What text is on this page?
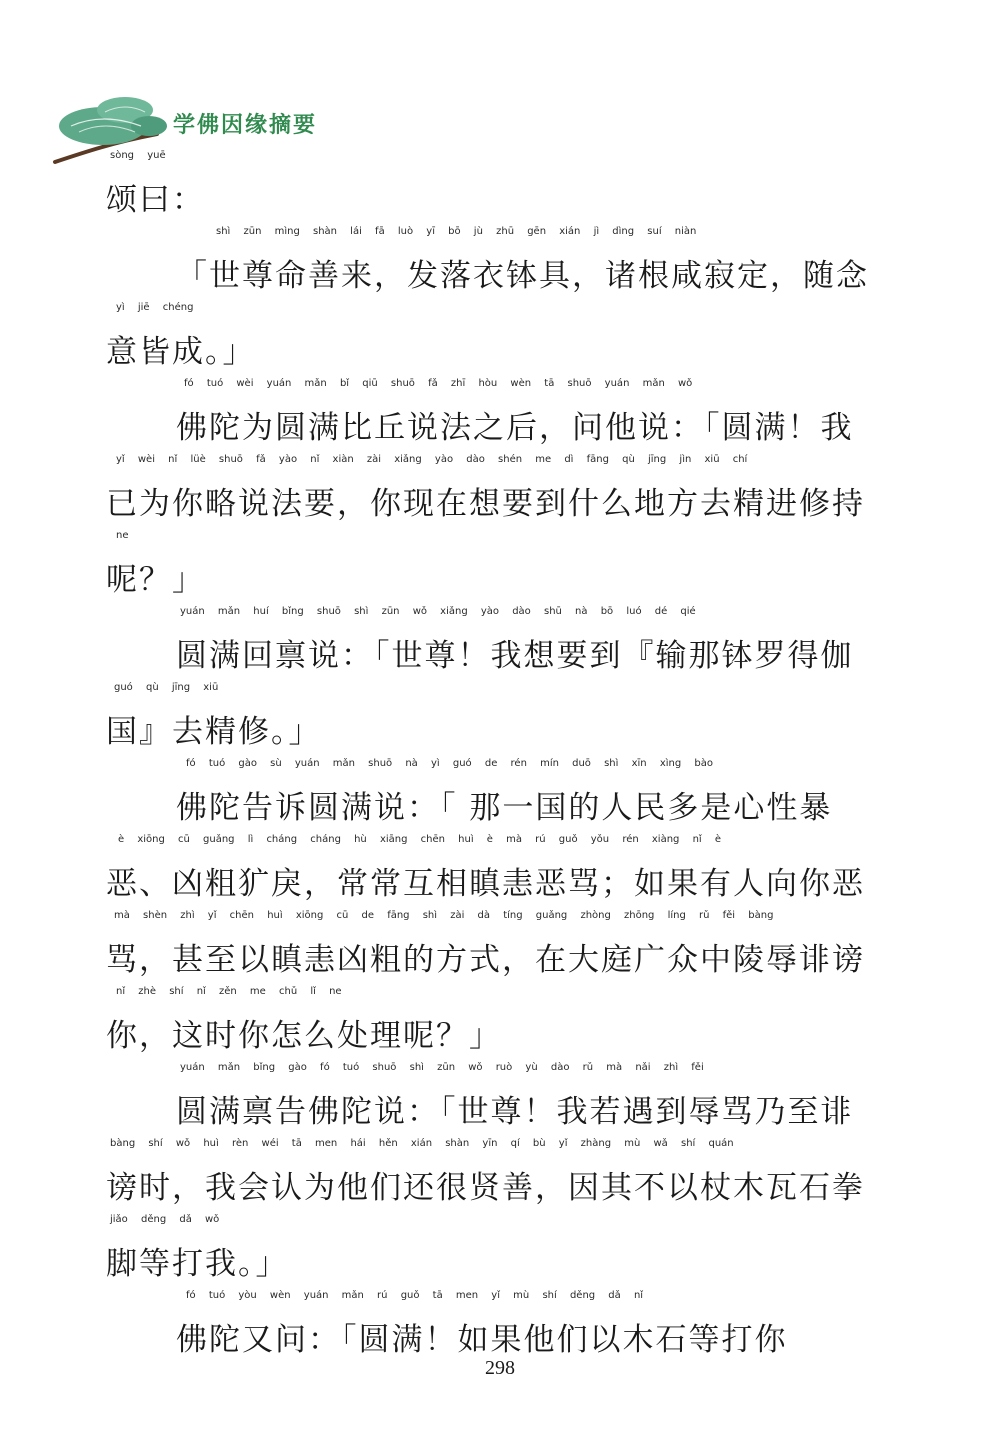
学佛因缘摘要
sòng yuē
颂曰：
shì zūn mìng shàn lái fā luò yī bō jù zhū gēn xián jì dìng suí niàn
「世尊命善来，发落衣钵具，诸根咸寂定，随念
yì jiē chéng
意皆成。」
fó tuó wèi yuán mǎn bǐ qiū shuō fǎ zhī hòu wèn tā shuō yuán mǎn wǒ
佛陀为圆满比丘说法之后，问他说：「圆满！我
yǐ wèi nǐ lüè shuō fǎ yào nǐ xiàn zài xiǎng yào dào shén me dì fāng qù jīng jìn xiū chí
已为你略说法要，你现在想要到什么地方去精进修持
ne
呢？」
yuán mǎn huí bǐng shuō shì zūn wǒ xiǎng yào dào shū nà bō luó dé qié
圆满回禀说：「世尊！我想要到『输那钵罗得伽
guó qù jīng xiū
国』去精修。」
fó tuó gào sù yuán mǎn shuō nà yì guó de rén mín duō shì xīn xìng bào
佛陀告诉圆满说：「 那一国的人民多是心性暴
è xiōng cū guǎng lì cháng cháng hù xiāng chēn huì è mà rú guǒ yǒu rén xiàng nǐ è
恶、凶粗犷戾，常常互相瞋恚恶骂；如果有人向你恶
mà shèn zhì yǐ chēn huì xiōng cū de fāng shì zài dà tíng guǎng zhòng zhōng líng rǔ fěi bàng
骂，甚至以瞋恚凶粗的方式，在大庭广众中陵辱诽谤
nǐ zhè shí nǐ zěn me chǔ lǐ ne
你，这时你怎么处理呢？」
yuán mǎn bǐng gào fó tuó shuō shì zūn wǒ ruò yù dào rǔ mà nǎi zhì fěi
圆满禀告佛陀说：「世尊！我若遇到辱骂乃至诽
bàng shí wǒ huì rèn wéi tā men hái hěn xián shàn yīn qí bù yǐ zhàng mù wǎ shí quán
谤时，我会认为他们还很贤善，因其不以杖木瓦石拳
jiǎo děng dǎ wǒ
脚等打我。」
fó tuó yòu wèn yuán mǎn rú guǒ tā men yǐ mù shí děng dǎ nǐ
佛陀又问：「圆满！如果他们以木石等打你
298
